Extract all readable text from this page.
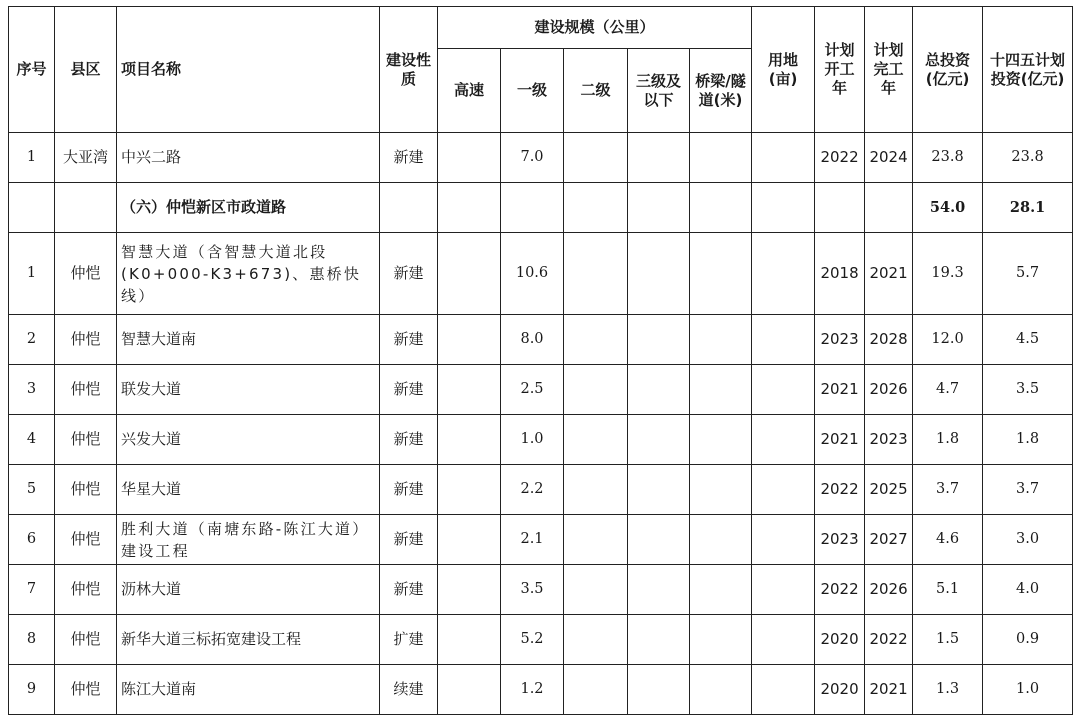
序号	县区	项目名称	建设性质	建设规模（公里）					用地(亩)	计划开工年	计划完工年	总投资(亿元)	十四五计划投资(亿元)
				高速	一级	二级	三级及以下	桥梁/隧道(米)					
1	大亚湾	中兴二路	新建		7.0					2022	2024	23.8	23.8
		（六）仲恺新区市政道路										54.0	28.1
1	仲恺	智慧大道（含智慧大道北段(K0+000-K3+673)、惠桥快线）	新建		10.6					2018	2021	19.3	5.7
2	仲恺	智慧大道南	新建		8.0					2023	2028	12.0	4.5
3	仲恺	联发大道	新建		2.5					2021	2026	4.7	3.5
4	仲恺	兴发大道	新建		1.0					2021	2023	1.8	1.8
5	仲恺	华星大道	新建		2.2					2022	2025	3.7	3.7
6	仲恺	胜利大道（南塘东路-陈江大道）建设工程	新建		2.1					2023	2027	4.6	3.0
7	仲恺	沥林大道	新建		3.5					2022	2026	5.1	4.0
8	仲恺	新华大道三标拓宽建设工程	扩建		5.2					2020	2022	1.5	0.9
9	仲恺	陈江大道南	续建		1.2					2020	2021	1.3	1.0
